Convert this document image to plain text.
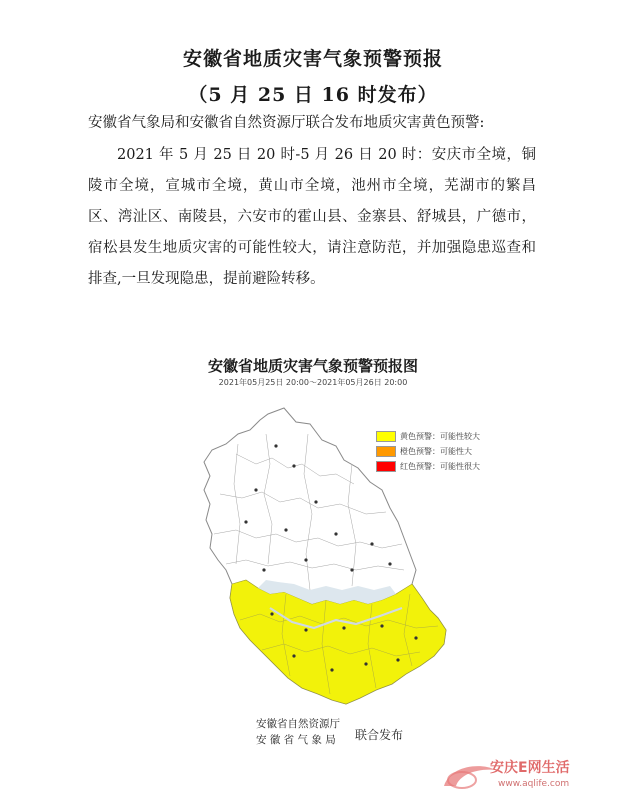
安徽省地质灾害气象预警预报
（5 月 25 日 16 时发布）
安徽省气象局和安徽省自然资源厅联合发布地质灾害黄色预警:
2021 年 5 月 25 日 20 时-5 月 26 日 20 时：安庆市全境，铜陵市全境，宣城市全境，黄山市全境，池州市全境，芜湖市的繁昌区、湾沚区、南陵县，六安市的霍山县、金寨县、舒城县，广德市，宿松县发生地质灾害的可能性较大，请注意防范，并加强隐患巡查和排查,一旦发现隐患，提前避险转移。
安徽省地质灾害气象预警预报图
2021年05月25日 20:00～2021年05月26日 20:00
黄色预警：可能性较大
橙色预警：可能性大
红色预警：可能性很大
安徽省自然资源厅
安 徽 省 气 象 局	联合发布
安庆E网生活
www.aqlife.com
